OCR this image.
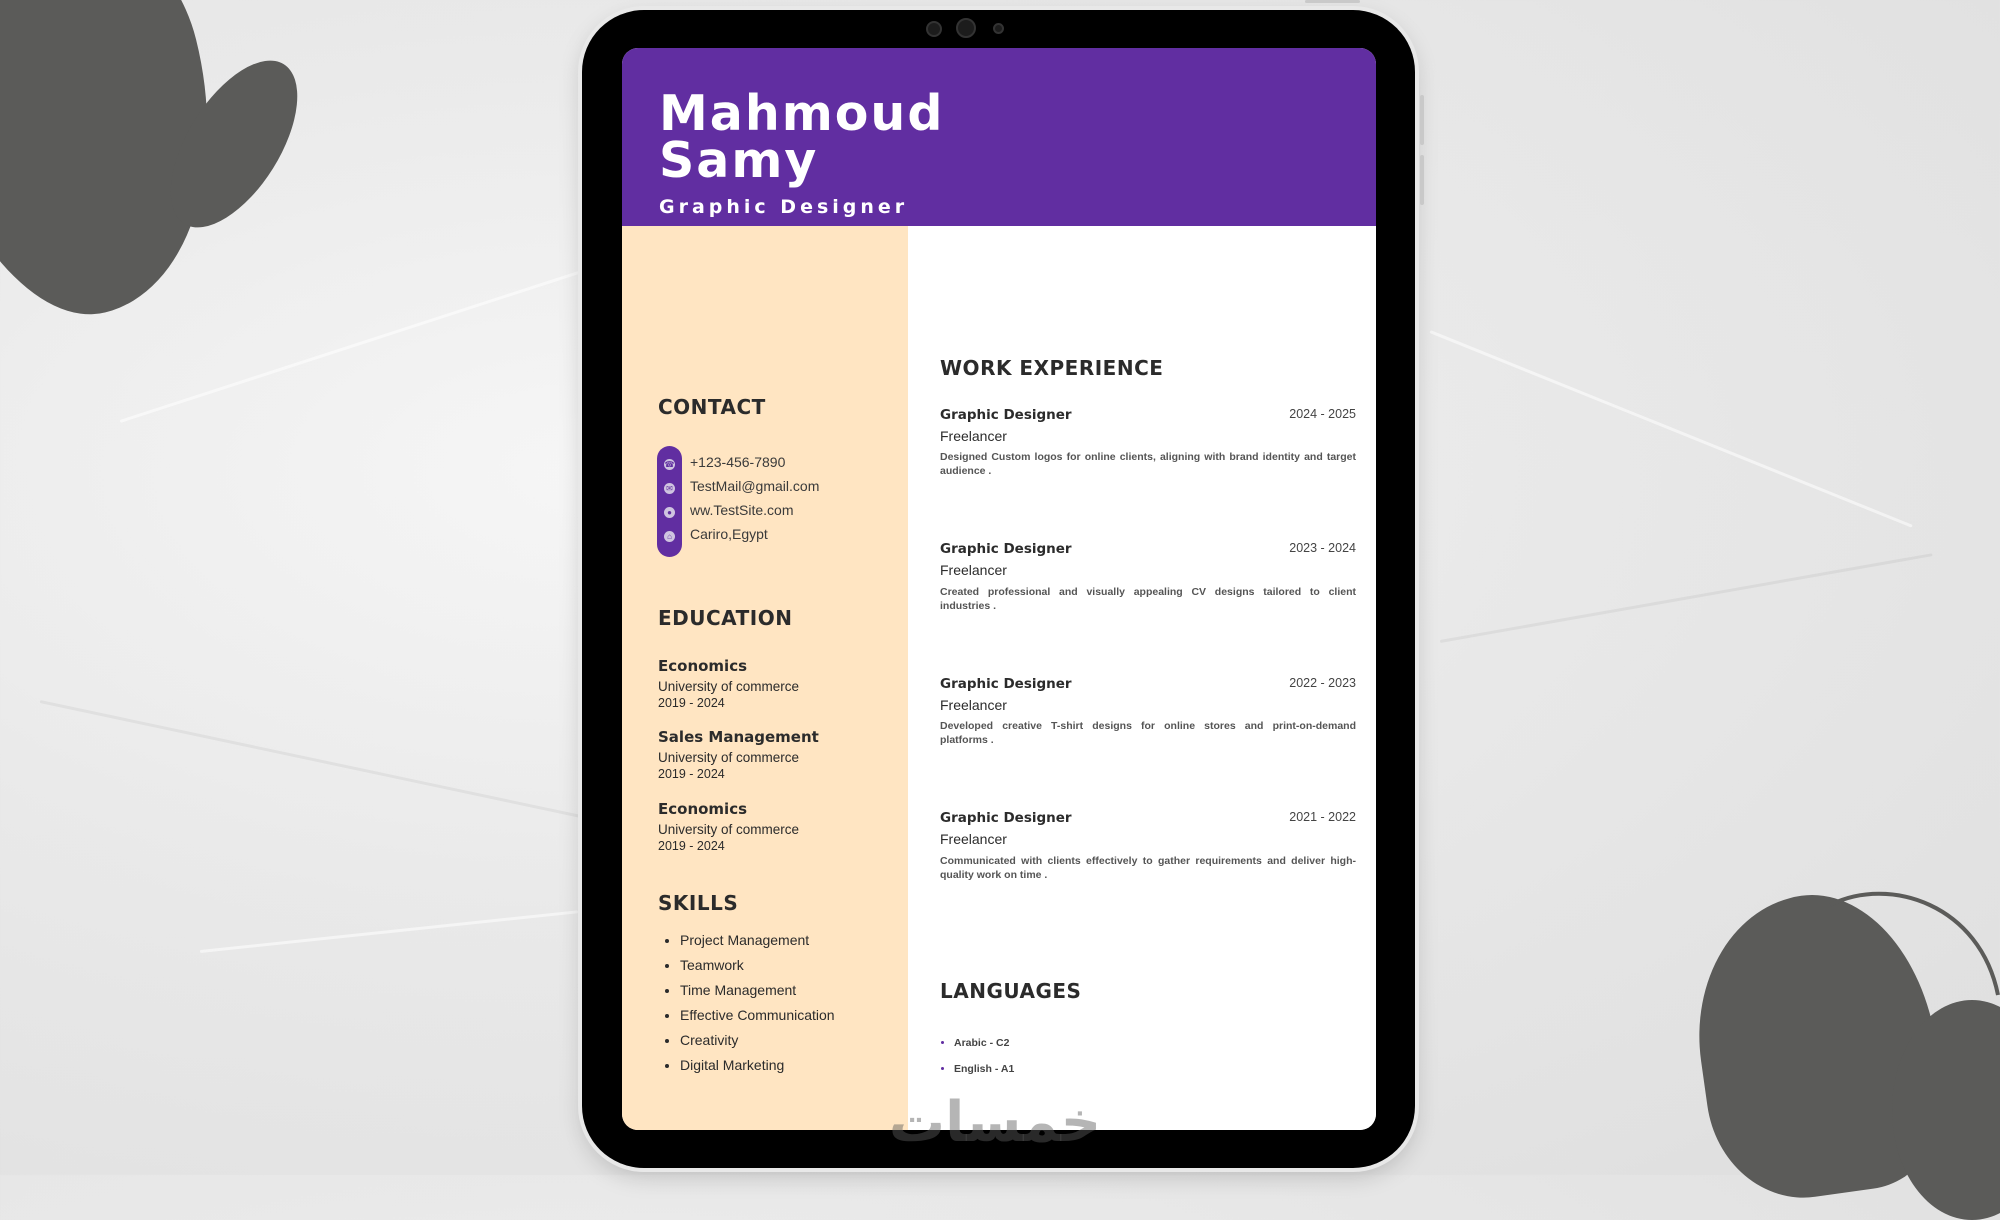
Mahmoud
Samy
Graphic Designer
CONTACT
☎
✉
●
⌂
+123-456-7890
TestMail@gmail.com
ww.TestSite.com
Cariro,Egypt
EDUCATION
Economics
University of commerce
2019 - 2024
Sales Management
University of commerce
2019 - 2024
Economics
University of commerce
2019 - 2024
SKILLS
• Project Management
• Teamwork
• Time Management
• Effective Communication
• Creativity
• Digital Marketing
WORK EXPERIENCE
Graphic Designer	2024 - 2025
Freelancer
Designed Custom logos for online clients, aligning with brand identity and target audience .
Graphic Designer	2023 - 2024
Freelancer
Created professional and visually appealing CV designs tailored to client industries .
Graphic Designer	2022 - 2023
Freelancer
Developed creative T-shirt designs for online stores and print-on-demand platforms .
Graphic Designer	2021 - 2022
Freelancer
Communicated with clients effectively to gather requirements and deliver high-quality work on time .
LANGUAGES
• Arabic - C2
• English - A1
خمسات
